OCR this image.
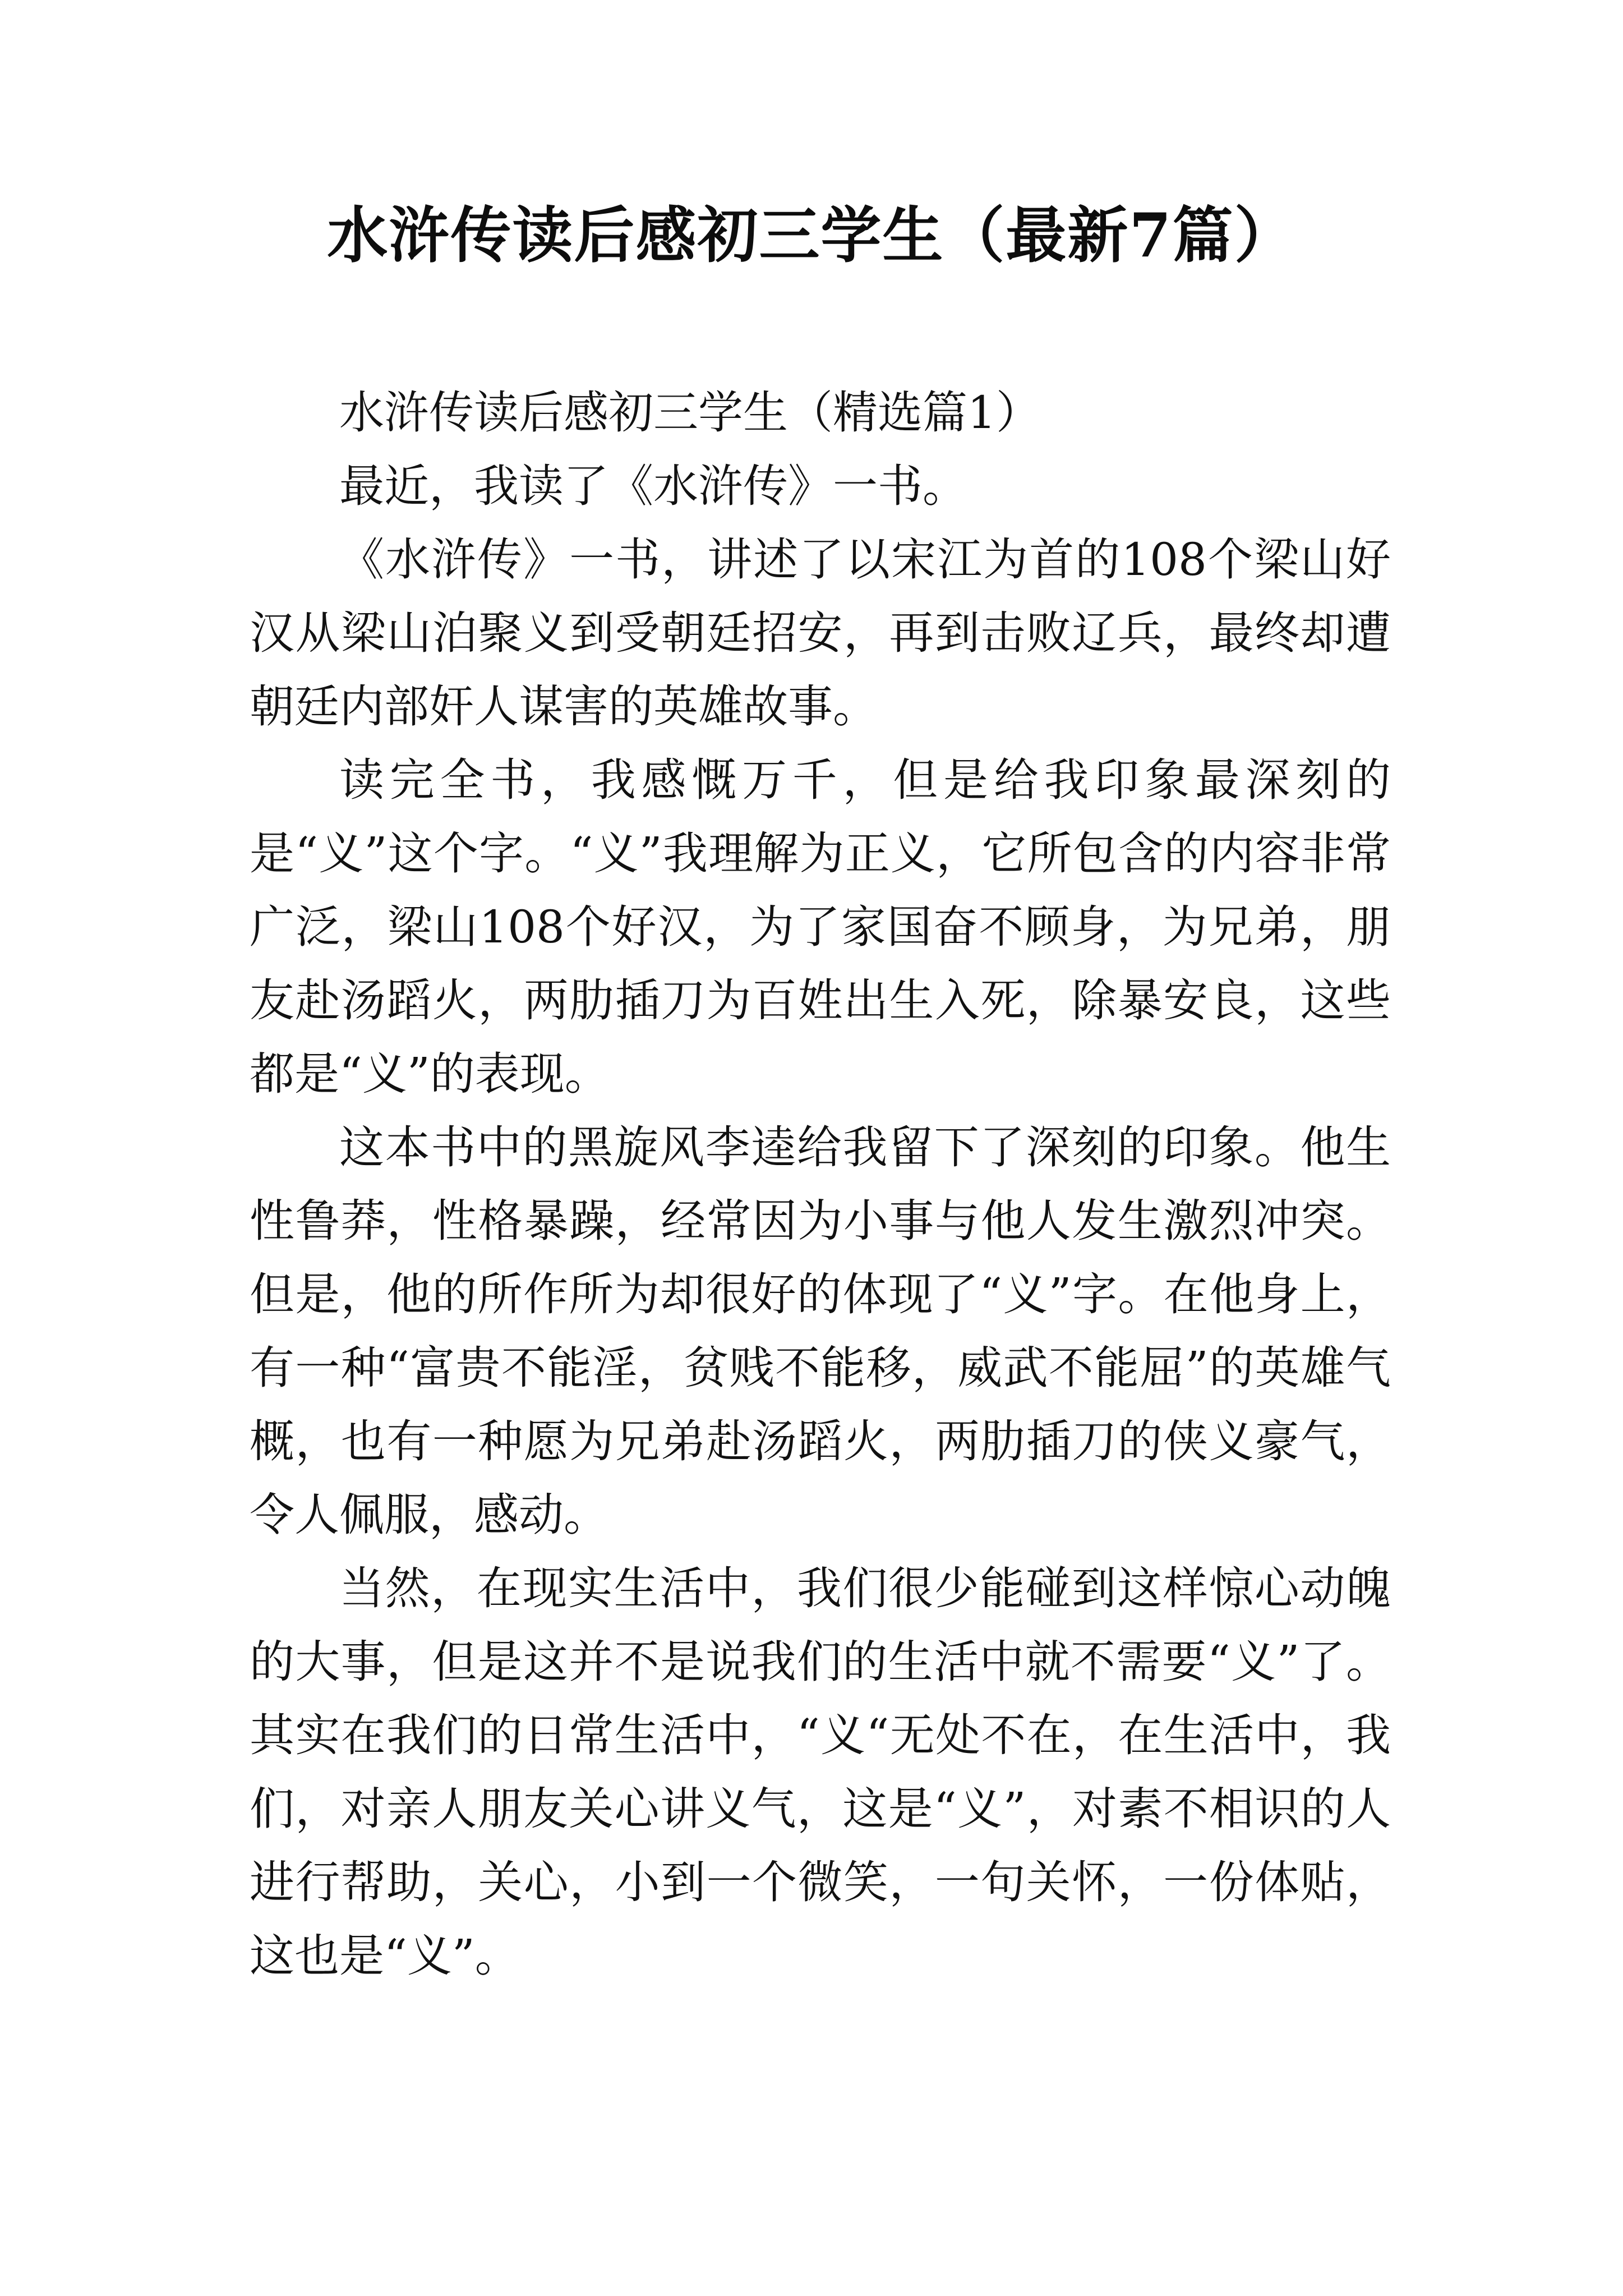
水浒传读后感初三学生（最新7篇）

水浒传读后感初三学生（精选篇1）

最近，我读了《水浒传》一书。

《水浒传》一书，讲述了以宋江为首的108个梁山好汉从梁山泊聚义到受朝廷招安，再到击败辽兵，最终却遭朝廷内部奸人谋害的英雄故事。

读完全书，我感慨万千，但是给我印象最深刻的是“义”这个字。“义”我理解为正义，它所包含的内容非常广泛，梁山108个好汉，为了家国奋不顾身，为兄弟，朋友赴汤蹈火，两肋插刀为百姓出生入死，除暴安良，这些都是“义”的表现。

这本书中的黑旋风李逵给我留下了深刻的印象。他生性鲁莽，性格暴躁，经常因为小事与他人发生激烈冲突。但是，他的所作所为却很好的体现了“义”字。在他身上，有一种“富贵不能淫，贫贱不能移，威武不能屈”的英雄气概，也有一种愿为兄弟赴汤蹈火，两肋插刀的侠义豪气，令人佩服，感动。

当然，在现实生活中，我们很少能碰到这样惊心动魄的大事，但是这并不是说我们的生活中就不需要“义”了。其实在我们的日常生活中，“义“无处不在，在生活中，我们，对亲人朋友关心讲义气，这是“义”，对素不相识的人进行帮助，关心，小到一个微笑，一句关怀，一份体贴，这也是“义”。
